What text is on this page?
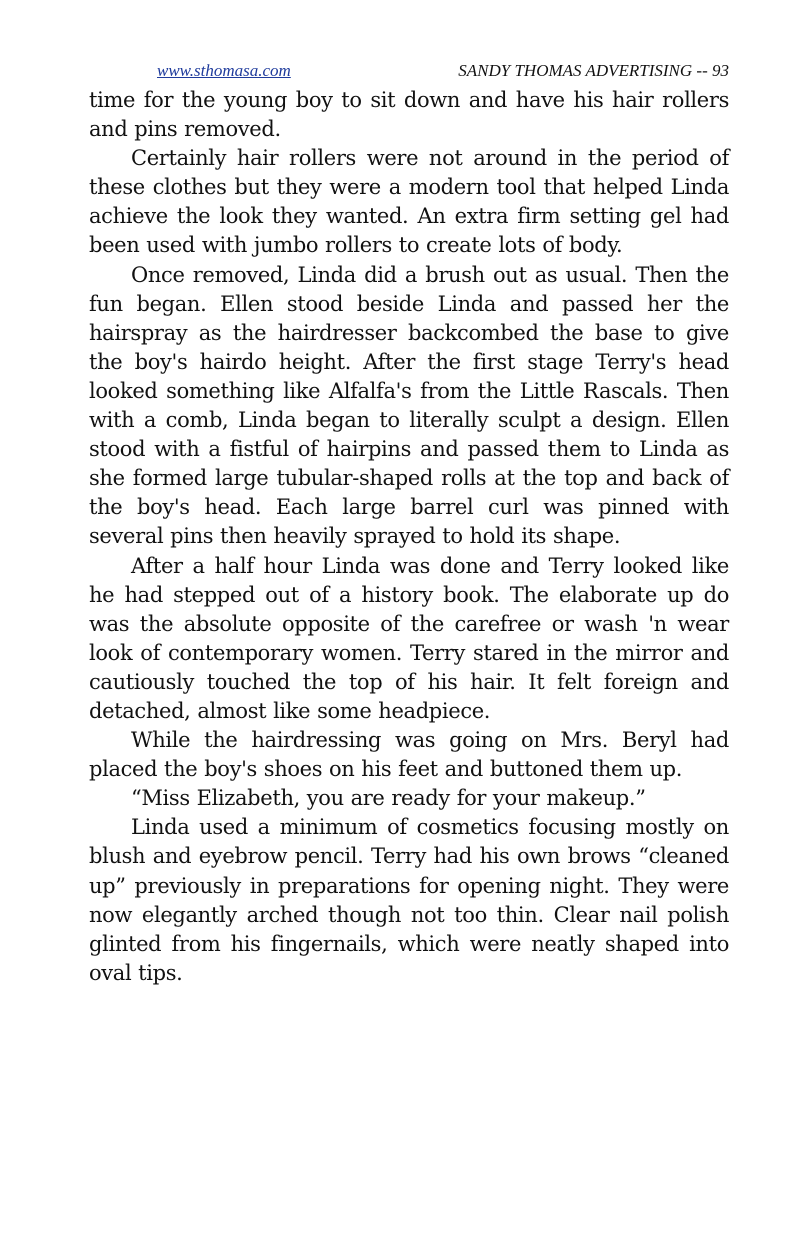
www.sthomasa.com	SANDY THOMAS ADVERTISING -- 93

time for the young boy to sit down and have his hair rollers and pins removed.

Certainly hair rollers were not around in the period of these clothes but they were a modern tool that helped Linda achieve the look they wanted. An extra firm setting gel had been used with jumbo rollers to create lots of body.

Once removed, Linda did a brush out as usual. Then the fun began. Ellen stood beside Linda and passed her the hairspray as the hairdresser backcombed the base to give the boy's hairdo height. After the first stage Terry's head looked something like Alfalfa's from the Little Rascals. Then with a comb, Linda began to literally sculpt a design. Ellen stood with a fistful of hairpins and passed them to Linda as she formed large tubular-shaped rolls at the top and back of the boy's head. Each large barrel curl was pinned with several pins then heavily sprayed to hold its shape.

After a half hour Linda was done and Terry looked like he had stepped out of a history book. The elaborate up do was the absolute opposite of the carefree or wash 'n wear look of contemporary women. Terry stared in the mirror and cautiously touched the top of his hair. It felt foreign and detached, almost like some headpiece.

While the hairdressing was going on Mrs. Beryl had placed the boy's shoes on his feet and buttoned them up.

“Miss Elizabeth, you are ready for your makeup.”

Linda used a minimum of cosmetics focusing mostly on blush and eyebrow pencil. Terry had his own brows “cleaned up” previously in preparations for opening night. They were now elegantly arched though not too thin. Clear nail polish glinted from his fingernails, which were neatly shaped into oval tips.
